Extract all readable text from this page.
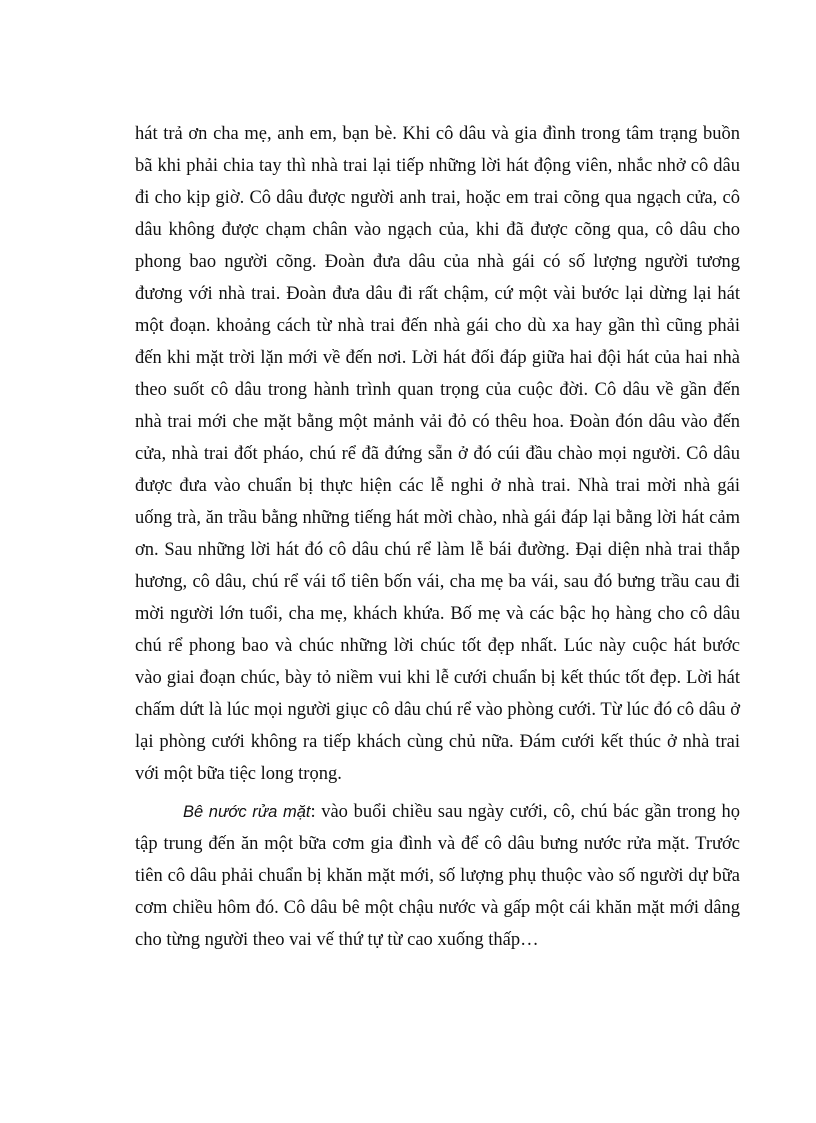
hát trả ơn cha mẹ, anh em, bạn bè. Khi cô dâu và gia đình trong tâm trạng buồn bã khi phải chia tay thì nhà trai lại tiếp những lời hát động viên, nhắc nhở cô dâu đi cho kịp giờ. Cô dâu được người anh trai, hoặc em trai cõng qua ngạch cửa, cô dâu không được chạm chân vào ngạch của, khi đã được cõng qua, cô dâu cho phong bao người cõng. Đoàn đưa dâu của nhà gái có số lượng người tương đương với nhà trai. Đoàn đưa dâu đi rất chậm, cứ một vài bước lại dừng lại hát một đoạn. khoảng cách từ nhà trai đến nhà gái cho dù xa hay gần thì cũng phải đến khi mặt trời lặn mới về đến nơi. Lời hát đối đáp giữa hai đội hát của hai nhà theo suốt cô dâu trong hành trình quan trọng của cuộc đời. Cô dâu về gần đến nhà trai mới che mặt bằng một mảnh vải đỏ có thêu hoa. Đoàn đón dâu vào đến cửa, nhà trai đốt pháo, chú rể đã đứng sẵn ở đó cúi đầu chào mọi người. Cô dâu được đưa vào chuẩn bị thực hiện các lễ nghi ở nhà trai. Nhà trai mời nhà gái uống trà, ăn trầu bằng những tiếng hát mời chào, nhà gái đáp lại bằng lời hát cảm ơn. Sau những lời hát đó cô dâu chú rể làm lễ bái đường. Đại diện nhà trai thắp hương, cô dâu, chú rể vái tổ tiên bốn vái, cha mẹ ba vái, sau đó bưng trầu cau đi mời người lớn tuổi, cha mẹ, khách khứa. Bố mẹ và các bậc họ hàng cho cô dâu chú rể phong bao và chúc những lời chúc tốt đẹp nhất. Lúc này cuộc hát bước vào giai đoạn chúc, bày tỏ niềm vui khi lễ cưới chuẩn bị kết thúc tốt đẹp. Lời hát chấm dứt là lúc mọi người giục cô dâu chú rể vào phòng cưới. Từ lúc đó cô dâu ở lại phòng cưới không ra tiếp khách cùng chủ nữa. Đám cưới kết thúc ở nhà trai với một bữa tiệc long trọng.

Bê nước rửa mặt: vào buổi chiều sau ngày cưới, cô, chú bác gần trong họ tập trung đến ăn một bữa cơm gia đình và để cô dâu bưng nước rửa mặt. Trước tiên cô dâu phải chuẩn bị khăn mặt mới, số lượng phụ thuộc vào số người dự bữa cơm chiều hôm đó. Cô dâu bê một chậu nước và gấp một cái khăn mặt mới dâng cho từng người theo vai vế thứ tự từ cao xuống thấp…
